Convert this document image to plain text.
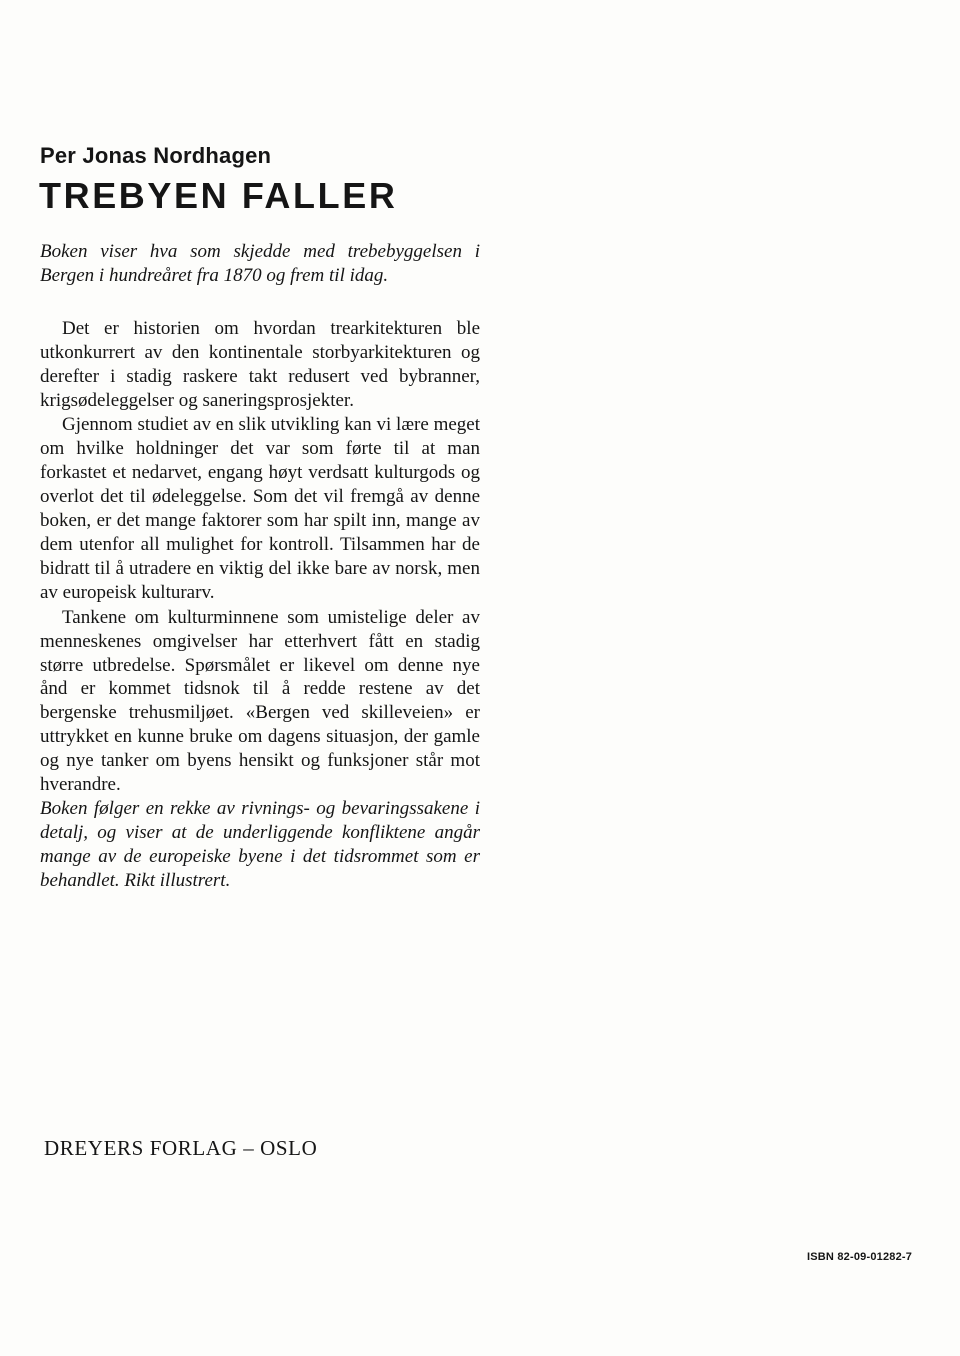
Per Jonas Nordhagen
TREBYEN FALLER

Boken viser hva som skjedde med trebebyggelsen i Bergen i hundreåret fra 1870 og frem til idag.

Det er historien om hvordan trearkitekturen ble utkonkurrert av den kontinentale storbyarkitekturen og derefter i stadig raskere takt redusert ved bybranner, krigsødeleggelser og saneringsprosjekter.

Gjennom studiet av en slik utvikling kan vi lære meget om hvilke holdninger det var som førte til at man forkastet et nedarvet, engang høyt verdsatt kulturgods og overlot det til ødeleggelse. Som det vil fremgå av denne boken, er det mange faktorer som har spilt inn, mange av dem utenfor all mulighet for kontroll. Tilsammen har de bidratt til å utradere en viktig del ikke bare av norsk, men av europeisk kulturarv.

Tankene om kulturminnene som umistelige deler av menneskenes omgivelser har etterhvert fått en stadig større utbredelse. Spørsmålet er likevel om denne nye ånd er kommet tidsnok til å redde restene av det bergenske trehusmiljøet. «Bergen ved skilleveien» er uttrykket en kunne bruke om dagens situasjon, der gamle og nye tanker om byens hensikt og funksjoner står mot hverandre.

Boken følger en rekke av rivnings- og bevaringssakene i detalj, og viser at de underliggende konfliktene angår mange av de europeiske byene i det tidsrommet som er behandlet. Rikt illustrert.

DREYERS FORLAG – OSLO

ISBN 82-09-01282-7
